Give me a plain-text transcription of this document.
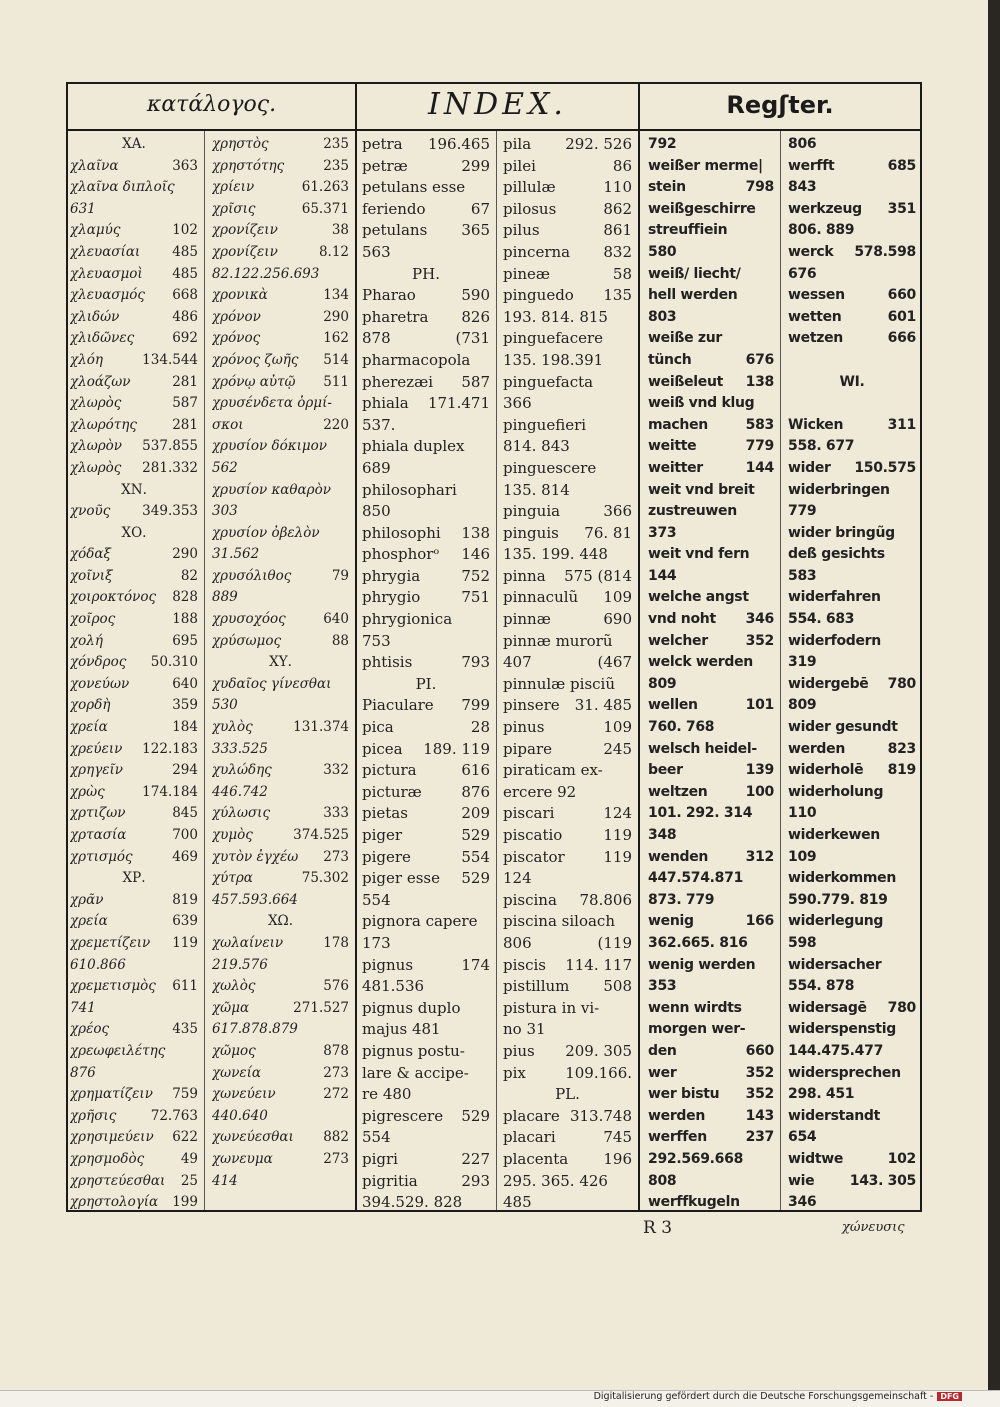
κατάλογος.	INDEX.	Regʃter.
ΧΑ.
χλαῖνα	363
χλαῖνα διπλοῖς
631
χλαμύς	102
χλευασίαι 485
χλευασμοὶ 485
χλευασμός 668
χλιδών	486
χλιδῶνες	692
χλόη	134.544
χλοάζων	281
χλωρὸς	587
χλωρότης	281
χλωρὸν 537.855
χλωρὸς 281.332
ΧΝ.
χνοῦς 349.353
ΧΟ.
χόδαξ	290
χοῖνιξ	82
χοιροκτόνος 828
χοῖρος	188
χολή	695
χόνδρος 50.310
χονεύων	640
χορδὴ	359
χρεία	184
χρεύειν 122.183
χρηγεῖν	294
χρὼς	174.184
χρτιζων	845
χρτασία	700
χρτισμός	469
ΧΡ.
χρᾶν	819
χρεία	639
χρεμετίζειν 119
610.866
χρεμετισμὸς 611
741
χρέος	435
χρεωφειλέτης
876
χρηματίζειν 759
χρῆσις	72.763
χρησιμεύειν 622
χρησμοδὸς	49
χρηστεύεσθαι 25
χρηστολογία 199
χρηστὸς	235
χρηστότης	235
χρίειν	61.263
χρῖσις	65.371
χρονίζειν	38
χρονίζειν	8.12
82.122.256.693
χρονικὰ	134
χρόνον	290
χρόνος	162
χρόνος ζωῆς 514
χρόνῳ αὐτῷ 511
χρυσένδετα ὁρμί-
σκοι	220
χρυσίον δόκιμον
562
χρυσίον καθαρὸν
303
χρυσίον ὀβελὸν
31.562
χρυσόλιθος	79
889
χρυσοχόος	640
χρύσωμος	88
ΧΥ.
χυδαῖος γίνεσθαι
530
χυλὸς	131.374
333.525
χυλώδης	332
446.742
χύλωσις	333
χυμὸς	374.525
χυτὸν ἐγχέω 273
χύτρα	75.302
457.593.664
ΧΩ.
χωλαίνειν	178
219.576
χωλὸς	576
χῶμα	271.527
617.878.879
χῶμος	878
χωνεία	273
χωνεύειν	272
440.640
χωνεύεσθαι 882
χωνευμα	273
414
petra 196.465
petræ	299
petulans esse
feriendo	67
petulans 365
563
PH.
Pharao	590
pharetra 826
878	(731
pharmacopola
pherezæi 587
phiala 171.471
537.
phiala duplex
689
philosophari
850
philosophi 138
phosphorᵒ 146
phrygia	752
phrygio	751
phrygionica
753
phtisis	793
PI.
Piaculare 799
pica	28
picea 189. 119
pictura	616
picturæ	876
pietas	209
piger	529
pigere	554
piger esse 529
554
pignora capere
173
pignus	174
481.536
pignus duplo
majus 481
pignus postu-
lare & accipe-
re 480
pigrescere 529
554
pigri	227
pigritia	293
394.529. 828
pila 292. 526
pilei	86
pillulæ	110
pilosus	862
pilus	861
pincerna 832
pineæ	58
pinguedo 135
193. 814. 815
pinguefacere
135. 198.391
pinguefacta
366
pinguefieri
814. 843
pinguescere
135. 814
pinguia	366
pinguis 76. 81
135. 199. 448
pinna 575 (814
pinnaculũ 109
pinnæ	690
pinnæ murorũ
407	(467
pinnulæ pisciũ
pinsere 31. 485
pinus	109
pipare	245
piraticam ex-
ercere 92
piscari	124
piscatio	119
piscator	119
124
piscina 78.806
piscina siloach
806	(119
piscis 114. 117
pistillum 508
pistura in vi-
no 31
pius 209. 305
pix	109.166.
PL.
placare 313.748
placari	745
placenta 196
295. 365. 426
485
792
weißer merme|
stein	798
weißgeschirre
streuffiein
580
weiß/ liecht/
hell werden
803
weiße zur
tünch	676
weißeleut 138
weiß vnd klug
machen	583
weitte	779
weitter	144
weit vnd breit
zustreuwen
373
weit vnd fern
144
welche angst
vnd noht 346
welcher	352
welck werden
809
wellen	101
760. 768
welsch heidel-
beer	139
weltzen	100
101. 292. 314
348
wenden	312
447.574.871
873. 779
wenig	166
362.665. 816
wenig werden
353
wenn wirdts
morgen wer-
den	660
wer	352
wer bistu 352
werden	143
werffen	237
292.569.668
808
werffkugeln
806
werfft	685
843
werkzeug 351
806. 889
werck 578.598
676
wessen	660
wetten	601
wetzen	666
WI.
Wicken	311
558. 677
wider 150.575
widerbringen
779
wider bringũg
deß gesichts
583
widerfahren
554. 683
widerfodern
319
widergebē 780
809
wider gesundt
werden	823
widerholē 819
widerholung
110
widerkewen
109
widerkommen
590.779. 819
widerlegung
598
widersacher
554. 878
widersagē 780
widerspenstig
144.475.477
widersprechen
298. 451
widerstandt
654
widtwe	102
wie	143. 305
346
R 3	χώνευσις
Digitalisierung gefördert durch die Deutsche Forschungsgemeinschaft - DFG
